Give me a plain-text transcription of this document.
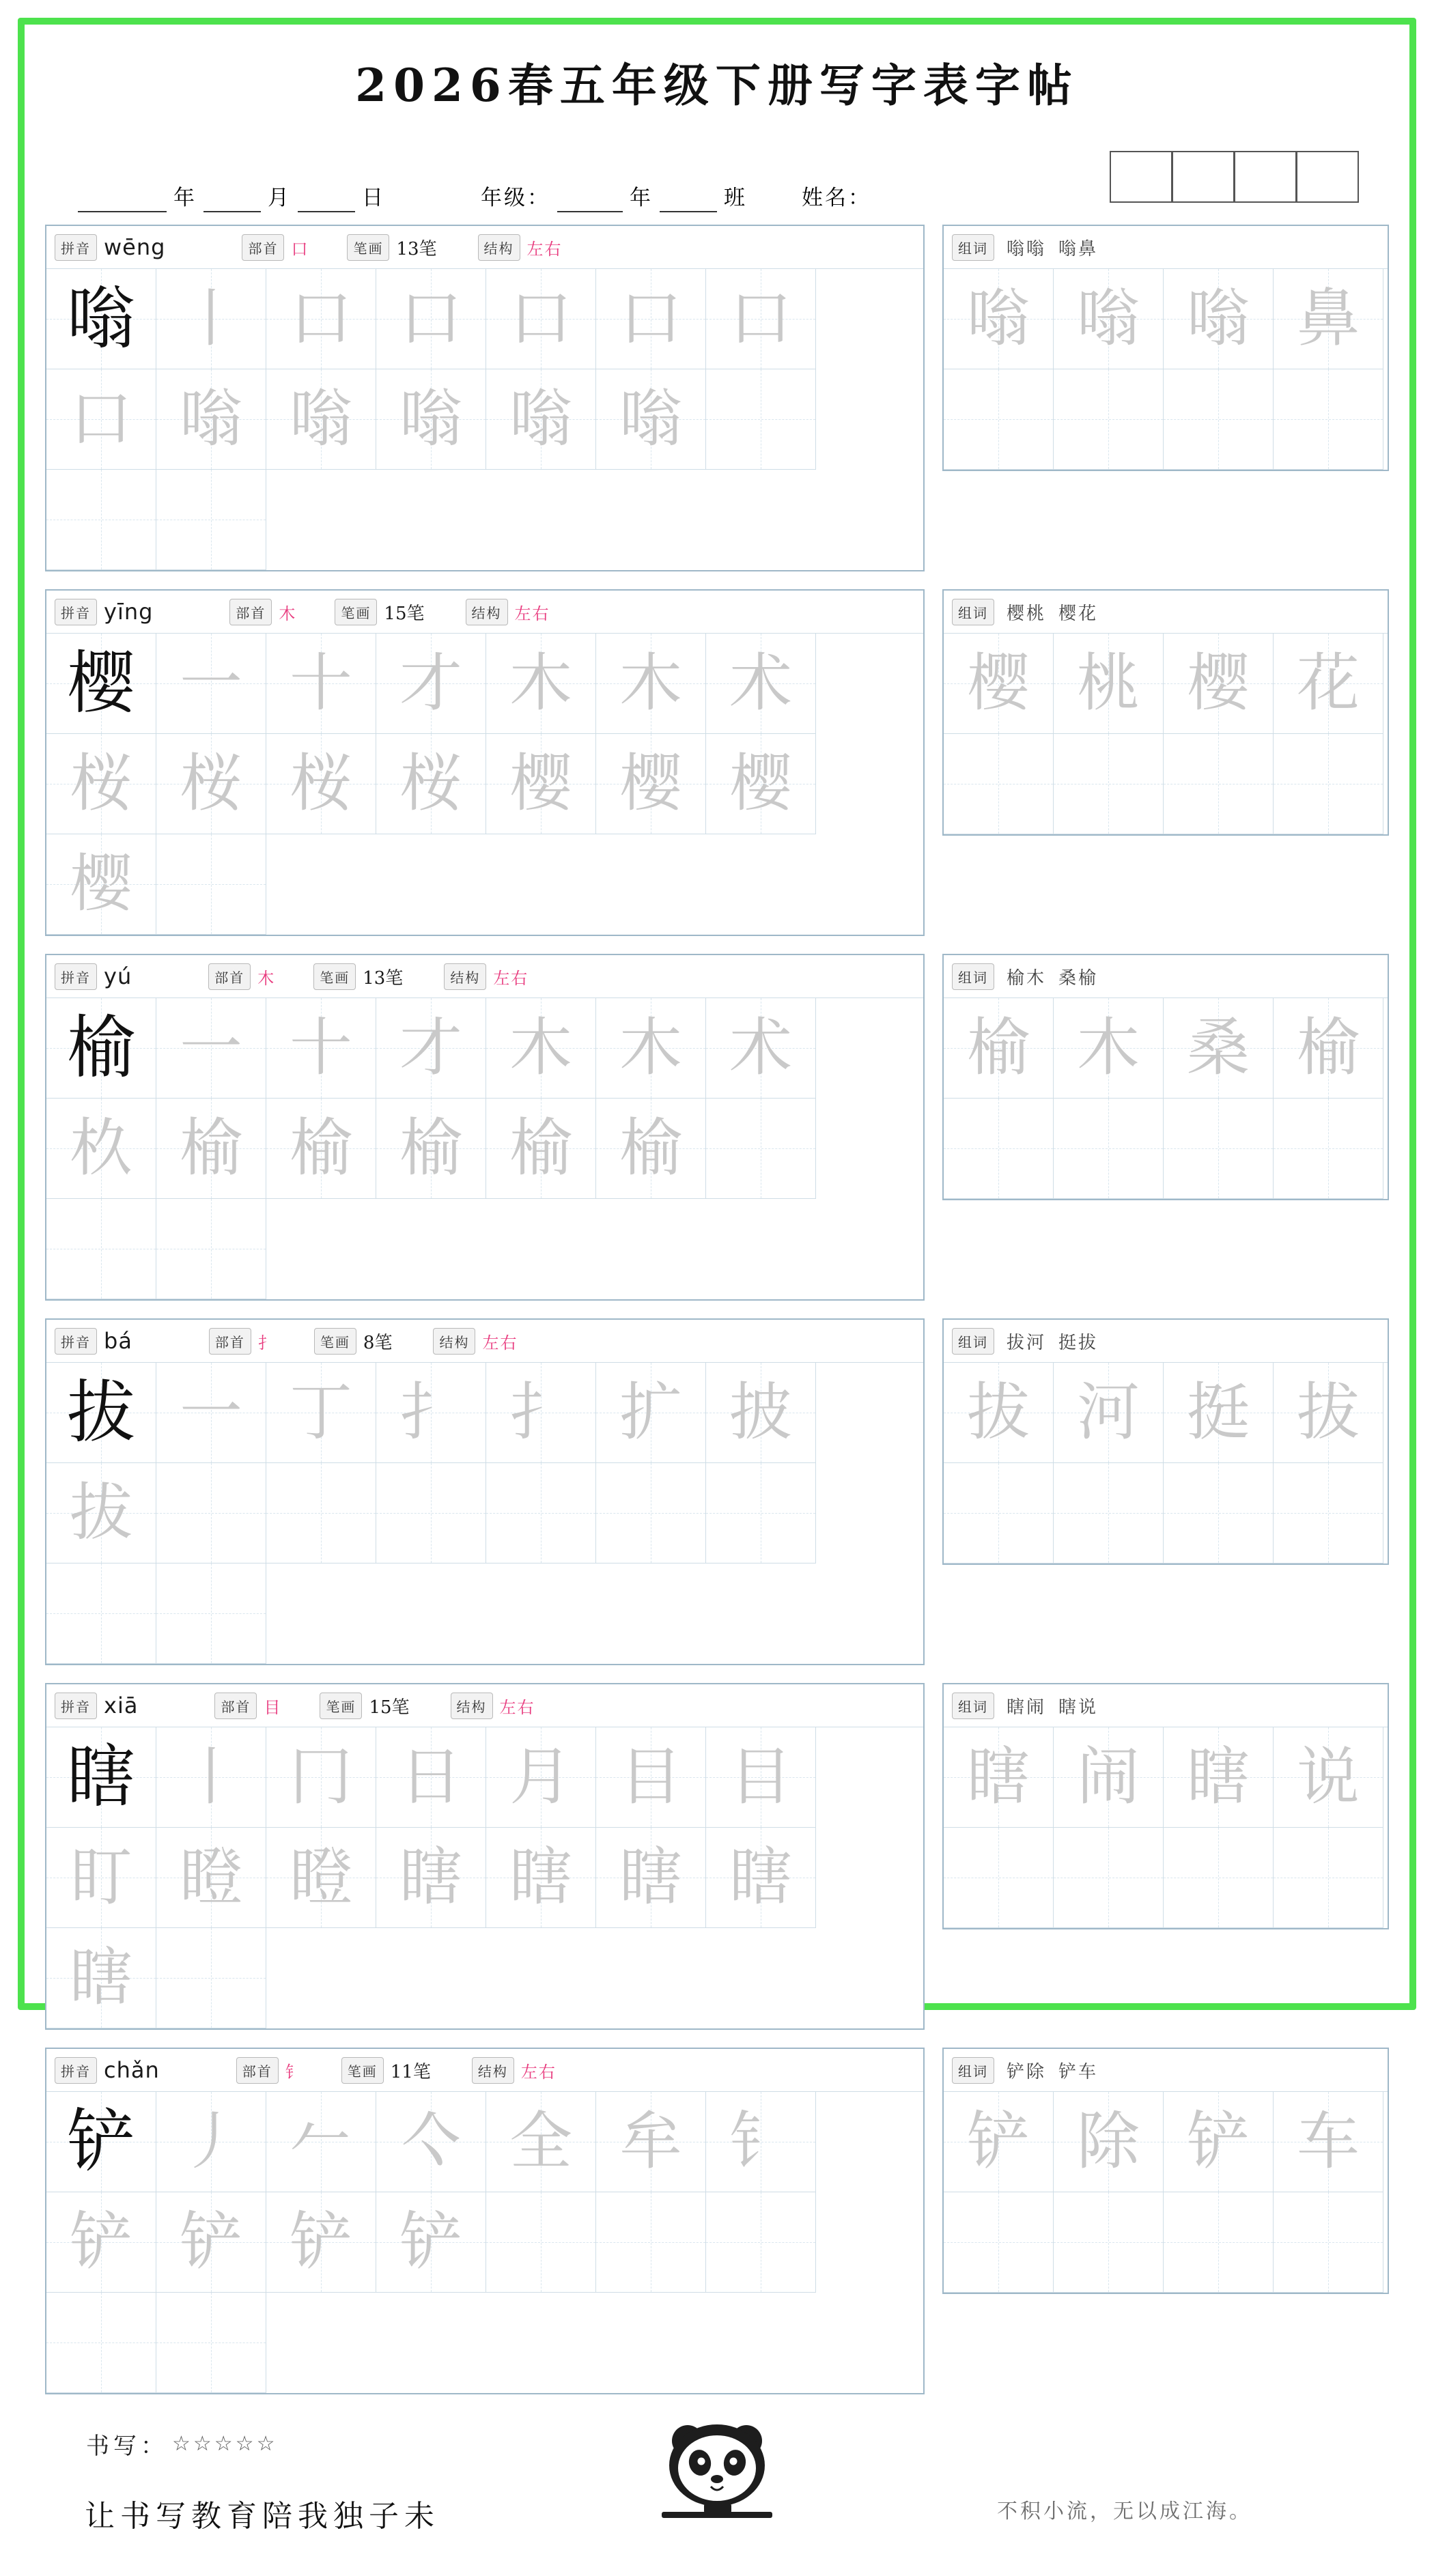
2026春五年级下册写字表字帖
年	月	日	年级：	年	班	姓名：
拼音 wēng	部首 口	笔画 13笔	结构 左右
嗡 丨 口 口 口 口 口
口 嗡 嗡 嗡 嗡 嗡
组词	嗡嗡 嗡鼻
嗡 嗡 嗡 鼻
拼音 yīng	部首 木	笔画 15笔	结构 左右
樱 一 十 才 木 木 术
桜 桜 桜 桜 樱 樱 樱
樱
组词	樱桃 樱花
樱 桃 樱 花
拼音 yú	部首 木	笔画 13笔	结构 左右
榆 一 十 才 木 木 术
杦 榆 榆 榆 榆 榆
组词	榆木 桑榆
榆 木 桑 榆
拼音 bá	部首 扌	笔画 8笔	结构 左右
拔 一 丁 扌 扌 扩 披
拔
组词	拔河 挺拔
拔 河 挺 拔
拼音 xiā	部首 目	笔画 15笔	结构 左右
瞎 丨 冂 日 月 目 目
盯 瞪 瞪 瞎 瞎 瞎 瞎
瞎
组词	瞎闹 瞎说
瞎 闹 瞎 说
拼音 chǎn	部首 钅	笔画 11笔	结构 左右
铲 丿 𠂉 亽 全 牟 钅
铲 铲 铲 铲
组词	铲除 铲车
铲 除 铲 车
书写： ☆☆☆☆☆
让书写教育陪我独子未	不积小流，无以成江海。
